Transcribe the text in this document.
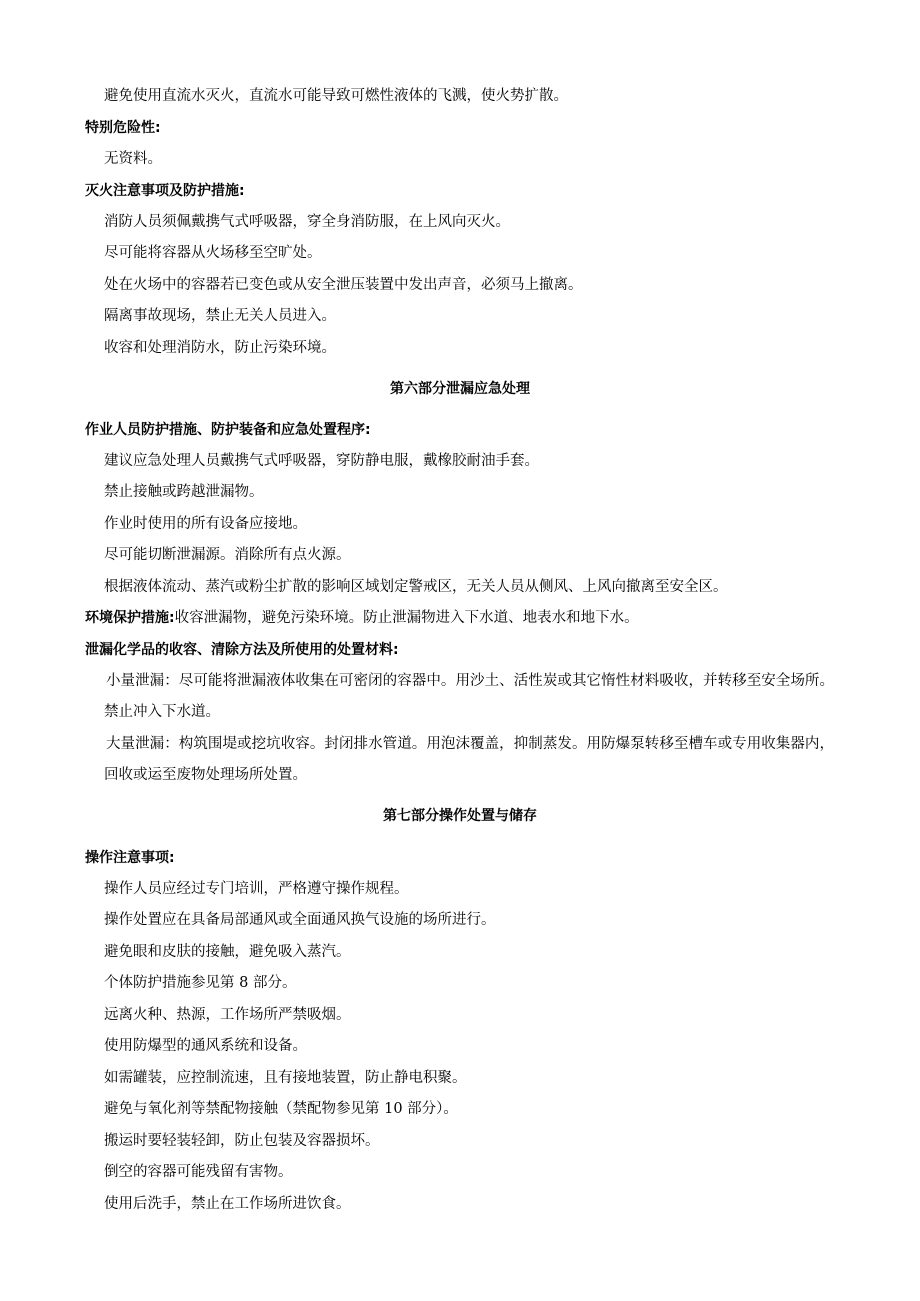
避免使用直流水灭火，直流水可能导致可燃性液体的飞溅，使火势扩散。
特别危险性:
无资料。
灭火注意事项及防护措施:
消防人员须佩戴携气式呼吸器，穿全身消防服，在上风向灭火。
尽可能将容器从火场移至空旷处。
处在火场中的容器若已变色或从安全泄压装置中发出声音，必须马上撤离。
隔离事故现场，禁止无关人员进入。
收容和处理消防水，防止污染环境。
第六部分泄漏应急处理
作业人员防护措施、防护装备和应急处置程序:
建议应急处理人员戴携气式呼吸器，穿防静电服，戴橡胶耐油手套。
禁止接触或跨越泄漏物。
作业时使用的所有设备应接地。
尽可能切断泄漏源。消除所有点火源。
根据液体流动、蒸汽或粉尘扩散的影响区域划定警戒区，无关人员从侧风、上风向撤离至安全区。
环境保护措施:收容泄漏物，避免污染环境。防止泄漏物进入下水道、地表水和地下水。
泄漏化学品的收容、清除方法及所使用的处置材料:
小量泄漏：尽可能将泄漏液体收集在可密闭的容器中。用沙土、活性炭或其它惰性材料吸收，并转移至安全场所。禁止冲入下水道。
大量泄漏：构筑围堤或挖坑收容。封闭排水管道。用泡沫覆盖，抑制蒸发。用防爆泵转移至槽车或专用收集器内，回收或运至废物处理场所处置。
第七部分操作处置与储存
操作注意事项:
操作人员应经过专门培训，严格遵守操作规程。
操作处置应在具备局部通风或全面通风换气设施的场所进行。
避免眼和皮肤的接触，避免吸入蒸汽。
个体防护措施参见第 8 部分。
远离火种、热源，工作场所严禁吸烟。
使用防爆型的通风系统和设备。
如需罐装，应控制流速，且有接地装置，防止静电积聚。
避免与氧化剂等禁配物接触（禁配物参见第 10 部分）。
搬运时要轻装轻卸，防止包装及容器损坏。
倒空的容器可能残留有害物。
使用后洗手，禁止在工作场所进饮食。
